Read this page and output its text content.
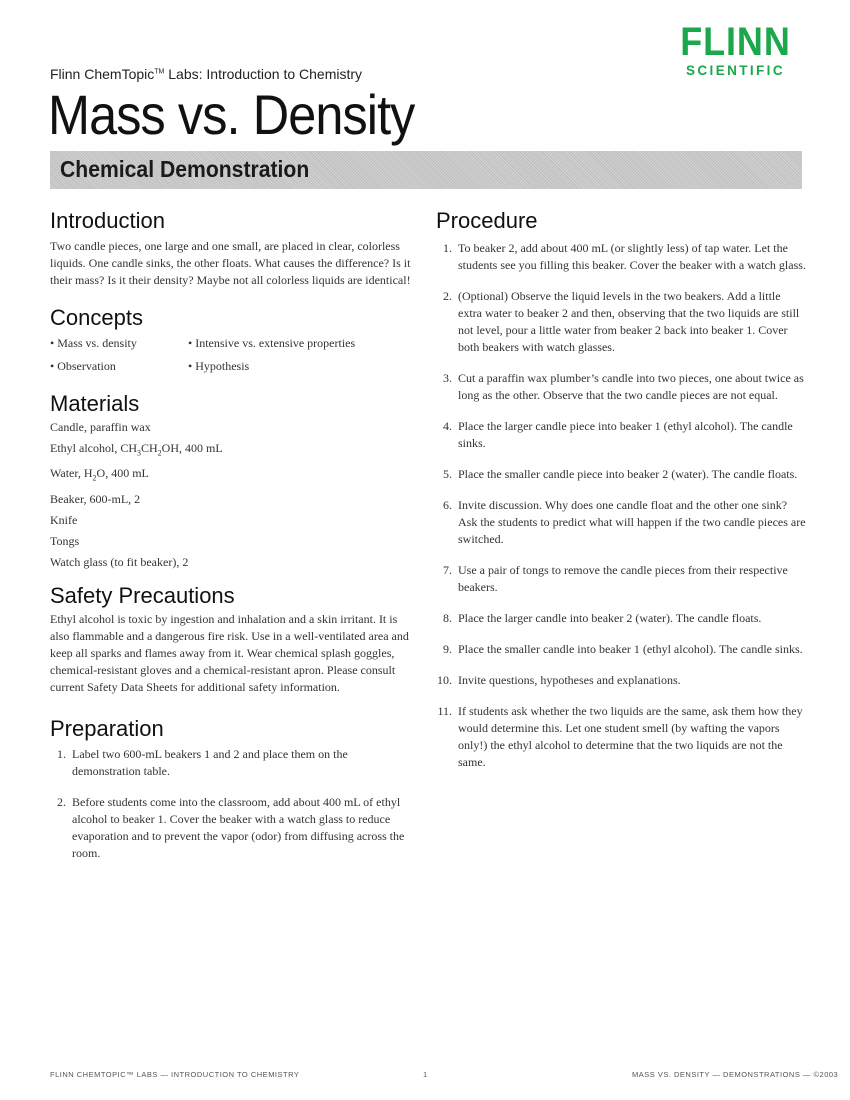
FLINN
SCIENTIFIC
Flinn ChemTopic™ Labs: Introduction to Chemistry
Mass vs. Density
Chemical Demonstration
Introduction

Two candle pieces, one large and one small, are placed in clear, colorless liquids. One candle sinks, the other floats. What causes the difference? Is it their mass? Is it their density? Maybe not all colorless liquids are identical!

Concepts
• Mass vs. density	• Intensive vs. extensive properties
• Observation	• Hypothesis
Materials
Candle, paraffin wax
Ethyl alcohol, $CH_3CH_2OH$, 400 mL
Water, $H_2O$, 400 mL
Beaker, 600-mL, 2
Knife
Tongs
Watch glass (to fit beaker), 2
Safety Precautions

Ethyl alcohol is toxic by ingestion and inhalation and a skin irritant. It is also flammable and a dangerous fire risk. Use in a well-ventilated area and keep all sparks and flames away from it. Wear chemical splash goggles, chemical-resistant gloves and a chemical-resistant apron. Please consult current Safety Data Sheets for additional safety information.

Preparation
1. Label two 600-mL beakers 1 and 2 and place them on the demonstration table.

2. Before students come into the classroom, add about 400 mL of ethyl alcohol to beaker 1. Cover the beaker with a watch glass to reduce evaporation and to prevent the vapor (odor) from diffusing across the room.

Procedure
1. To beaker 2, add about 400 mL (or slightly less) of tap water. Let the students see you filling this beaker. Cover the beaker with a watch glass.

2. (Optional) Observe the liquid levels in the two beakers. Add a little extra water to beaker 2 and then, observing that the two liquids are still not level, pour a little water from beaker 2 back into beaker 1. Cover both beakers with watch glasses.

3. Cut a paraffin wax plumber’s candle into two pieces, one about twice as long as the other. Observe that the two candle pieces are not equal.

4. Place the larger candle piece into beaker 1 (ethyl alcohol). The candle sinks.

5. Place the smaller candle piece into beaker 2 (water). The candle floats.

6. Invite discussion. Why does one candle float and the other one sink? Ask the students to predict what will happen if the two candle pieces are switched.

7. Use a pair of tongs to remove the candle pieces from their respective beakers.

8. Place the larger candle into beaker 2 (water). The candle floats.

9. Place the smaller candle into beaker 1 (ethyl alcohol). The candle sinks.

10. Invite questions, hypotheses and explanations.

11. If students ask whether the two liquids are the same, ask them how they would determine this. Let one student smell (by wafting the vapors only!) the ethyl alcohol to determine that the two liquids are not the same.

FLINN CHEMTOPIC™ LABS — INTRODUCTION TO CHEMISTRY	1	MASS VS. DENSITY — DEMONSTRATIONS — ©2003
